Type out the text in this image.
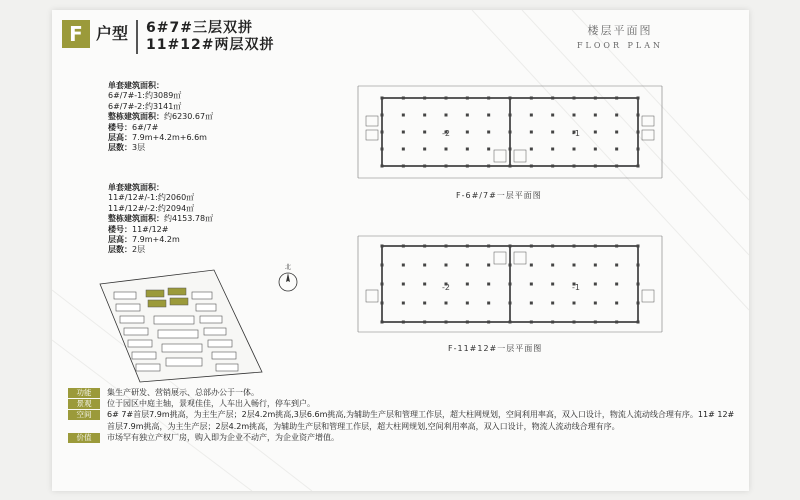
F 户型 6#7#三层双拼
11#12#两层双拼
楼层平面图
FLOOR PLAN
单套建筑面积：
6#/7#-1:约3089㎡
6#/7#-2:约3141㎡
整栋建筑面积：约6230.67㎡
楼号：6#/7#
层高：7.9m+4.2m+6.6m
层数：3层
单套建筑面积：
11#/12#/-1:约2060㎡
11#/12#/-2:约2094㎡
整栋建筑面积：约4153.78㎡
楼号：11#/12#
层高：7.9m+4.2m
层数：2层
-2	-1
F-6#/7#一层平面图
-2	-1
F-11#12#一层平面图
北
功能	集生产研发、营销展示、总部办公于一体。
景观	位于园区中庭主轴，景观佳佳，人车出入畅行，停车到户。
空间	6# 7#首层7.9m挑高，为主生产层；2层4.2m挑高,3层6.6m挑高,为辅助生产层和管理工作层，超大柱网规划，空间利用率高，双入口设计，物流人流动线合理有序。11# 12#首层7.9m挑高，为主生产层；2层4.2m挑高，为辅助生产层和管理工作层，超大柱网规划,空间利用率高，双入口设计，物流人流动线合理有序。
价值	市场罕有独立产权厂房，购入即为企业不动产，为企业资产增值。
